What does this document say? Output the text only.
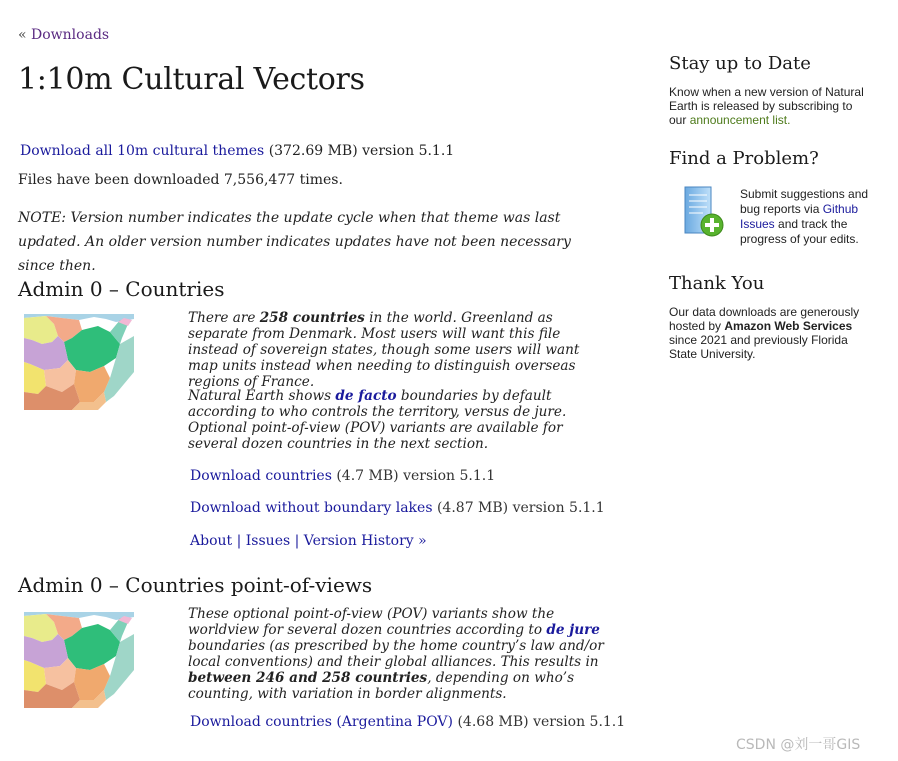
« Downloads
1:10m Cultural Vectors
Download all 10m cultural themes (372.69 MB) version 5.1.1
Files have been downloaded 7,556,477 times.
NOTE: Version number indicates the update cycle when that theme was last updated. An older version number indicates updates have not been necessary since then.
Admin 0 – Countries

There are 258 countries in the world. Greenland as separate from Denmark. Most users will want this file instead of sovereign states, though some users will want map units instead when needing to distinguish overseas regions of France.

Natural Earth shows de facto boundaries by default according to who controls the territory, versus de jure. Optional point-of-view (POV) variants are available for several dozen countries in the next section.

Download countries (4.7 MB) version 5.1.1
Download without boundary lakes (4.87 MB) version 5.1.1
About | Issues | Version History »
Admin 0 – Countries point-of-views

These optional point-of-view (POV) variants show the worldview for several dozen countries according to de jure boundaries (as prescribed by the home country’s law and/or local conventions) and their global alliances. This results in between 246 and 258 countries, depending on who’s counting, with variation in border alignments.

Download countries (Argentina POV) (4.68 MB) version 5.1.1
Stay up to Date

Know when a new version of Natural Earth is released by subscribing to our announcement list.

Find a Problem?

Submit suggestions and bug reports via Github Issues and track the progress of your edits.

Thank You

Our data downloads are generously hosted by Amazon Web Services since 2021 and previously Florida State University.

CSDN @刘一哥GIS
